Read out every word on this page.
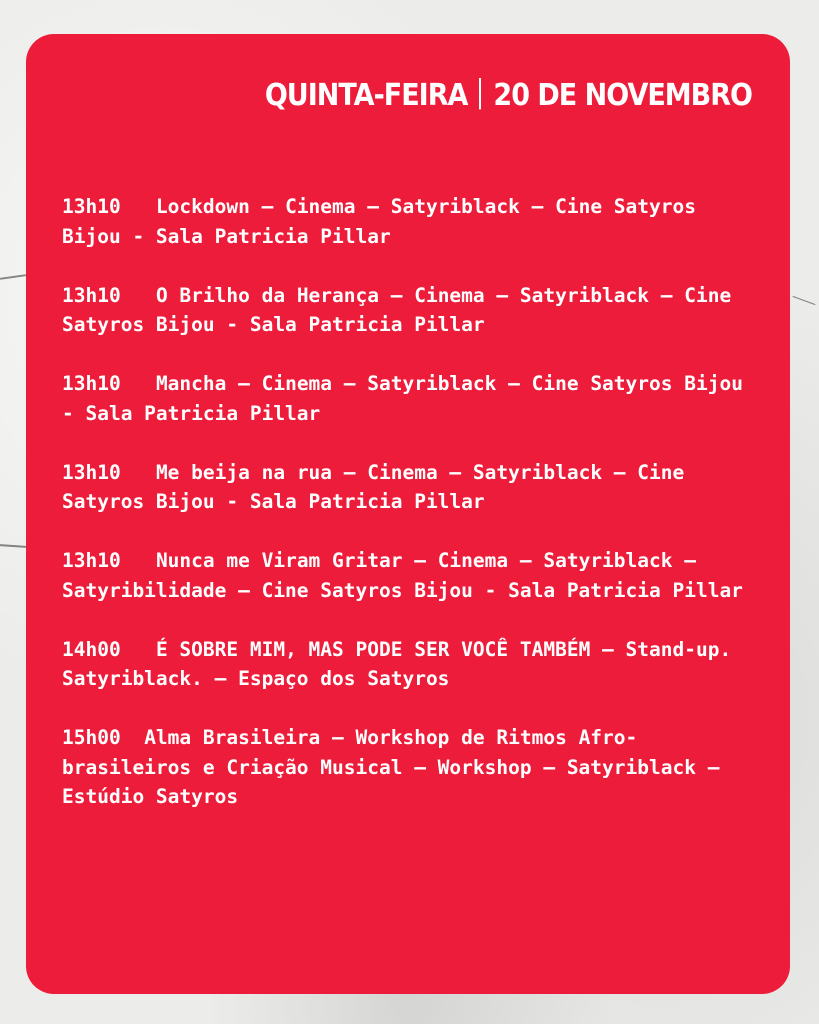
QUINTA-FEIRA 20 DE NOVEMBRO
13h10 Lockdown – Cinema – Satyriblack – Cine Satyros Bijou - Sala Patricia Pillar
13h10 O Brilho da Herança – Cinema – Satyriblack – Cine Satyros Bijou - Sala Patricia Pillar
13h10 Mancha – Cinema – Satyriblack – Cine Satyros Bijou - Sala Patricia Pillar
13h10 Me beija na rua – Cinema – Satyriblack – Cine Satyros Bijou - Sala Patricia Pillar
13h10 Nunca me Viram Gritar – Cinema – Satyriblack – Satyribilidade – Cine Satyros Bijou - Sala Patricia Pillar
14h00 É SOBRE MIM, MAS PODE SER VOCÊ TAMBÉM – Stand-up. Satyriblack. – Espaço dos Satyros
15h00 Alma Brasileira – Workshop de Ritmos Afro-brasileiros e Criação Musical – Workshop – Satyriblack – Estúdio Satyros
